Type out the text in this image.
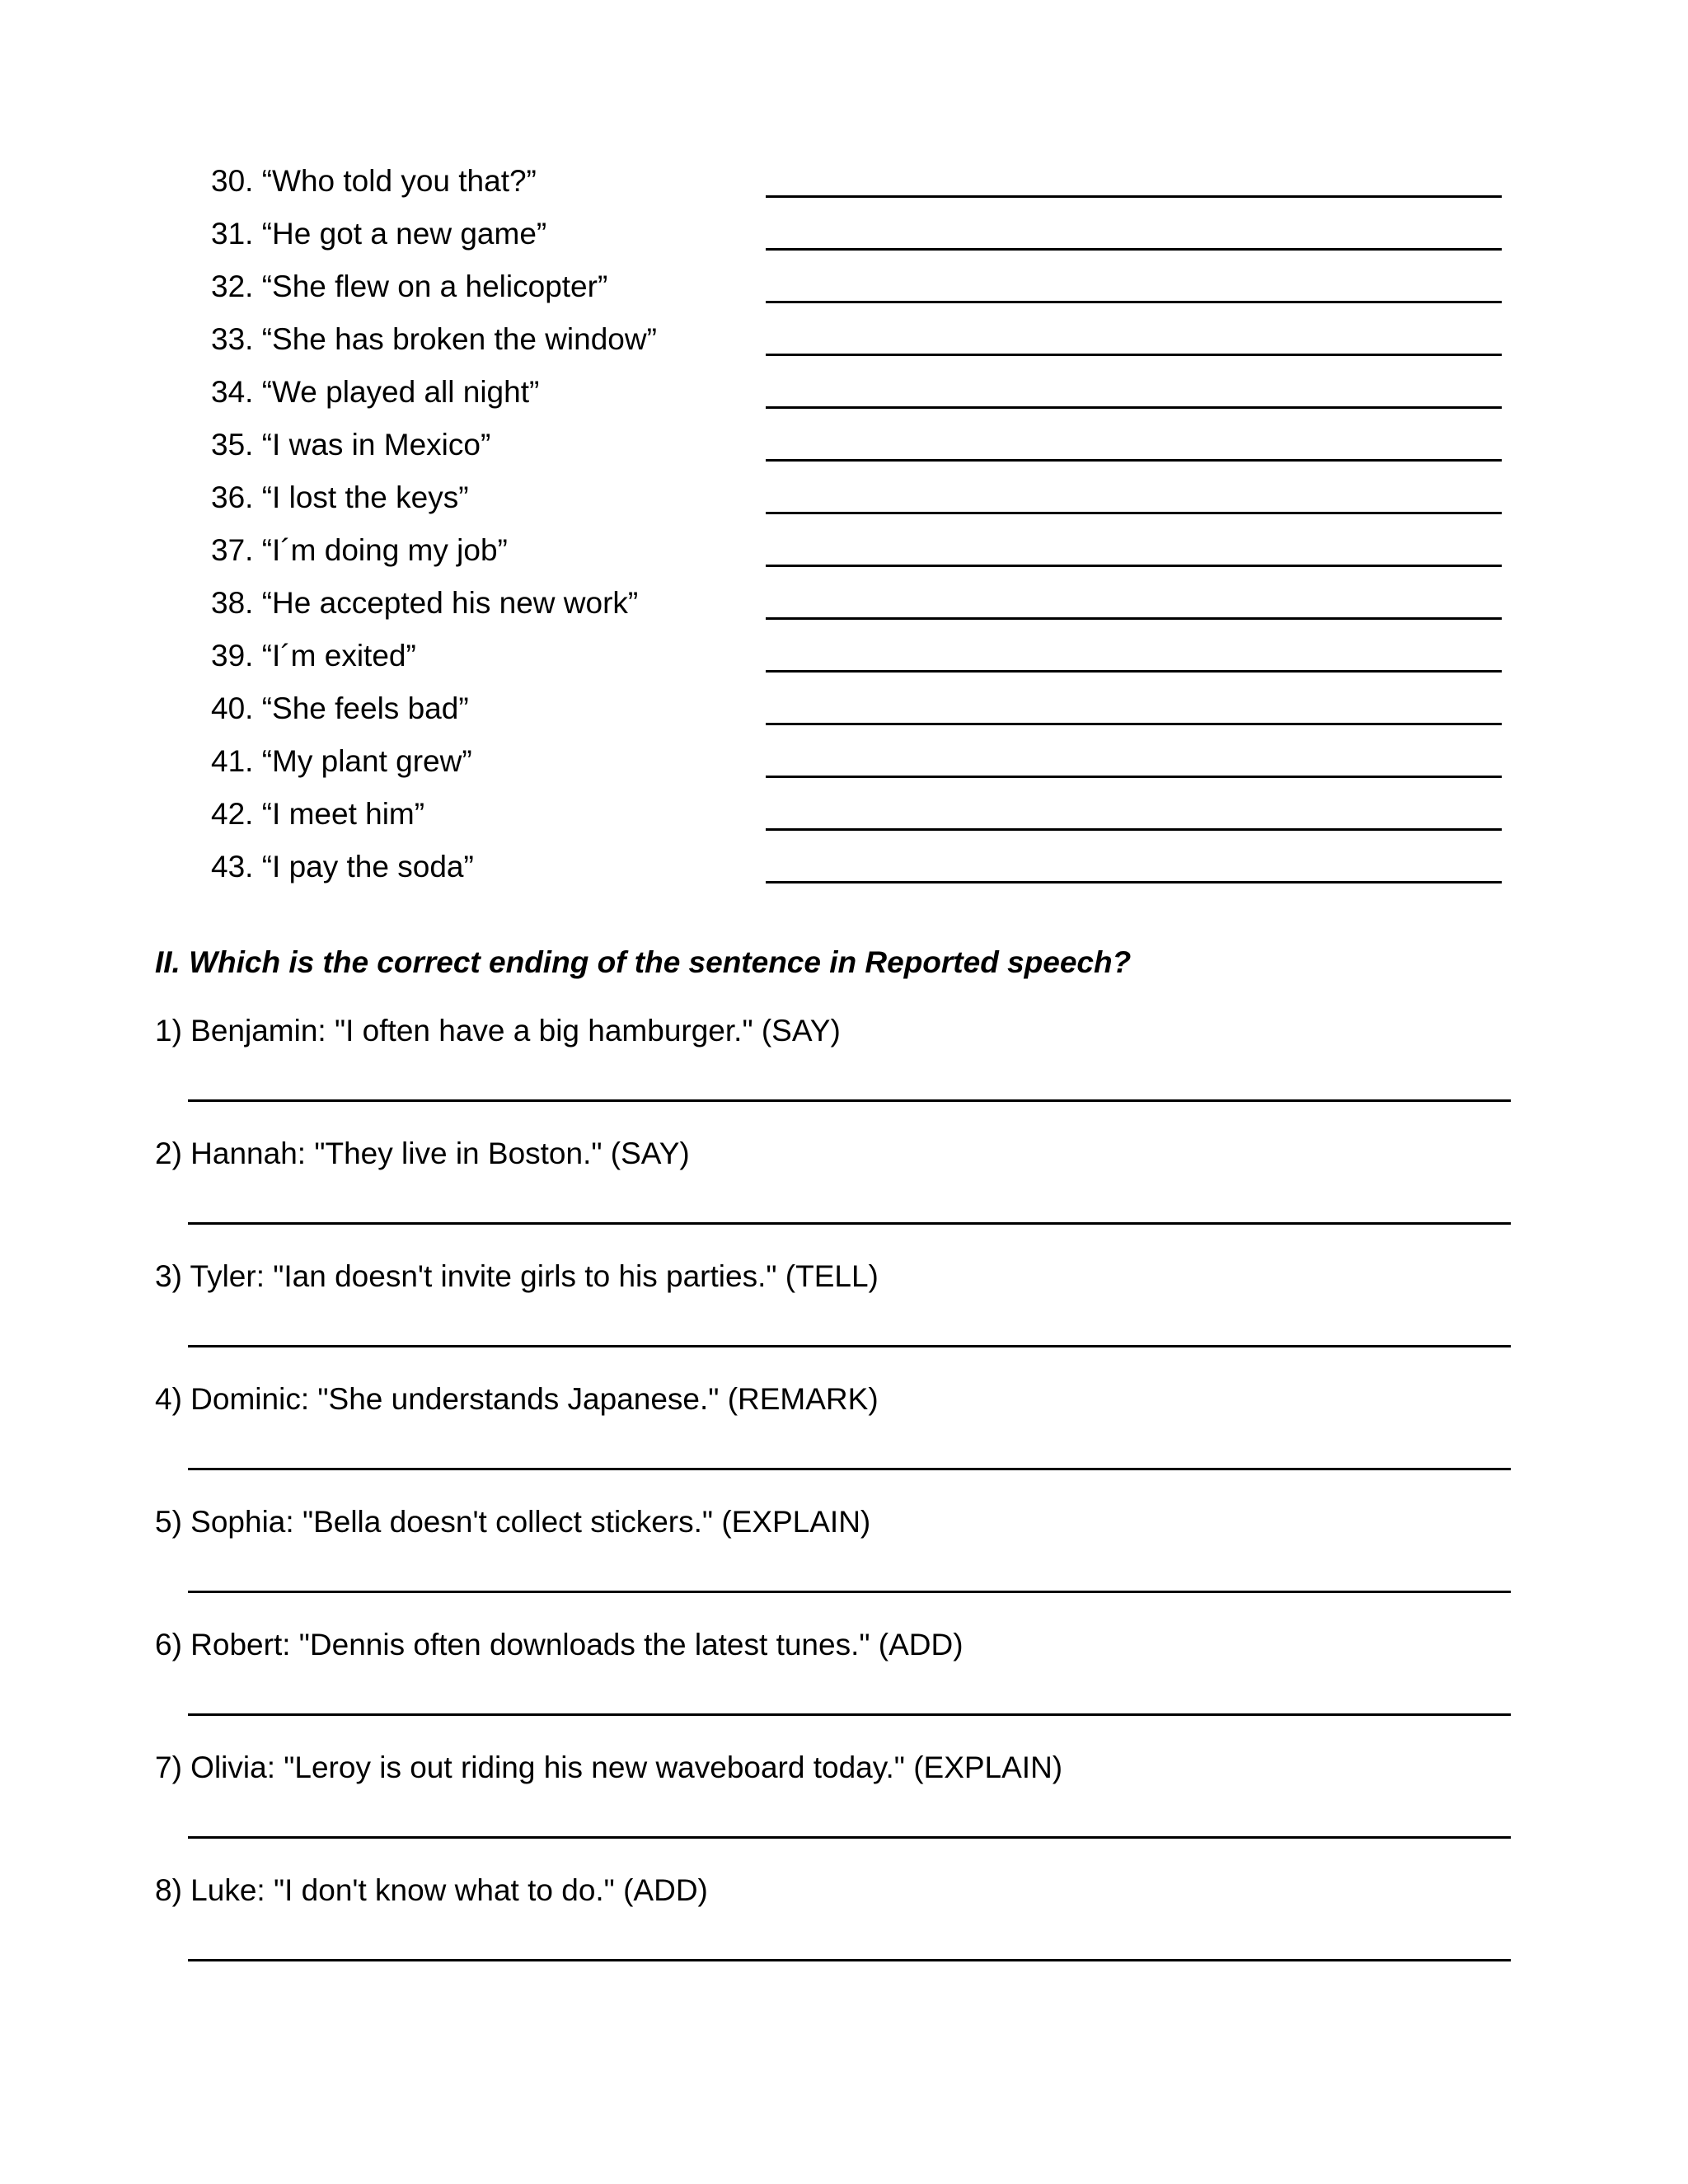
30. “Who told you that?”
31. “He got a new game”
32. “She flew on a helicopter”
33. “She has broken the window”
34. “We played all night”
35. “I was in Mexico”
36. “I lost the keys”
37. “I´m doing my job”
38. “He accepted his new work”
39. “I´m exited”
40. “She feels bad”
41. “My plant grew”
42. “I meet him”
43. “I pay the soda”
II. Which is the correct ending of the sentence in Reported speech?
1) Benjamin: "I often have a big hamburger." (SAY)
2) Hannah: "They live in Boston." (SAY)
3) Tyler: "Ian doesn't invite girls to his parties." (TELL)
4) Dominic: "She understands Japanese." (REMARK)
5) Sophia: "Bella doesn't collect stickers." (EXPLAIN)
6) Robert: "Dennis often downloads the latest tunes." (ADD)
7) Olivia: "Leroy is out riding his new waveboard today." (EXPLAIN)
8) Luke: "I don't know what to do." (ADD)
